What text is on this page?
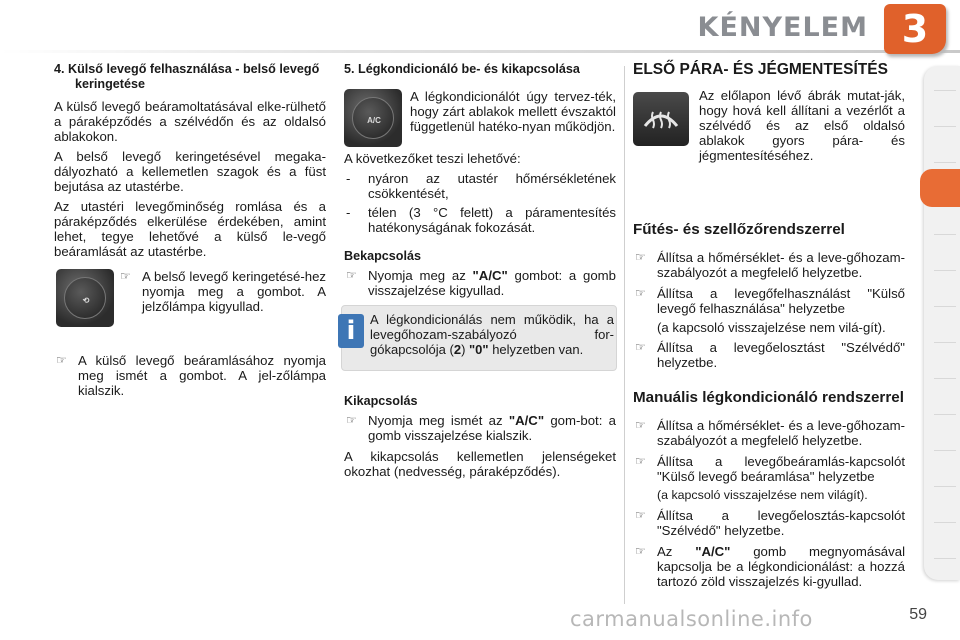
KÉNYELEM 3
4. Külső levegő felhasználása - belső levegő keringetése

A külső levegő beáramoltatásával elke-rülhető a páraképződés a szélvédőn és az oldalsó ablakokon.

A belső levegő keringetésével megaka-dályozható a kellemetlen szagok és a füst bejutása az utastérbe.

Az utastéri levegőminőség romlása és a páraképződés elkerülése érdekében, amint lehet, tegye lehetővé a külső le-vegő beáramlását az utastérbe.

⟲
☞ A belső levegő keringetésé-hez nyomja meg a gombot. A jelzőlámpa kigyullad.
☞ A külső levegő beáramlásához nyomja meg ismét a gombot. A jel-zőlámpa kialszik.
5. Légkondicionáló be- és kikapcsolása
A/C

A légkondicionálót úgy tervez-ték, hogy zárt ablakok mellett évszaktól függetlenül hatéko-nyan működjön.

A következőket teszi lehetővé:

- nyáron az utastér hőmérsékletének csökkentését,
- télen (3 °C felett) a páramentesítés hatékonyságának fokozását.
Bekapcsolás
☞ Nyomja meg az "A/C" gombot: a gomb visszajelzése kigyullad.
i	A légkondicionálás nem működik, ha a levegőhozam-szabályozó for-gókapcsolója (2) "0" helyzetben van.
Kikapcsolás
☞ Nyomja meg ismét az "A/C" gom-bot: a gomb visszajelzése kialszik.

A kikapcsolás kellemetlen jelenségeket okozhat (nedvesség, páraképződés).

ELSŐ PÁRA- ÉS JÉGMENTESÍTÉS

Az előlapon lévő ábrák mutat-ják, hogy hová kell állítani a vezérlőt a szélvédő és az első oldalsó ablakok gyors pára- és jégmentesítéséhez.

Fűtés- és szellőzőrendszerrel
☞ Állítsa a hőmérséklet- és a leve-gőhozam-szabályozót a megfelelő helyzetbe.
☞ Állítsa a levegőfelhasználást "Külső levegő felhasználása" helyzetbe

(a kapcsoló visszajelzése nem vilá-gít).

☞ Állítsa a levegőelosztást "Szélvédő" helyzetbe.
Manuális légkondicionáló rendszerrel
☞ Állítsa a hőmérséklet- és a leve-gőhozam-szabályozót a megfelelő helyzetbe.
☞ Állítsa a levegőbeáramlás-kapcsolót "Külső levegő beáramlása" helyzetbe

(a kapcsoló visszajelzése nem világít).

☞ Állítsa a levegőelosztás-kapcsolót "Szélvédő" helyzetbe.
☞ Az "A/C" gomb megnyomásával kapcsolja be a légkondicionálást: a hozzá tartozó zöld visszajelzés ki-gyullad.
carmanualsonline.info	59
